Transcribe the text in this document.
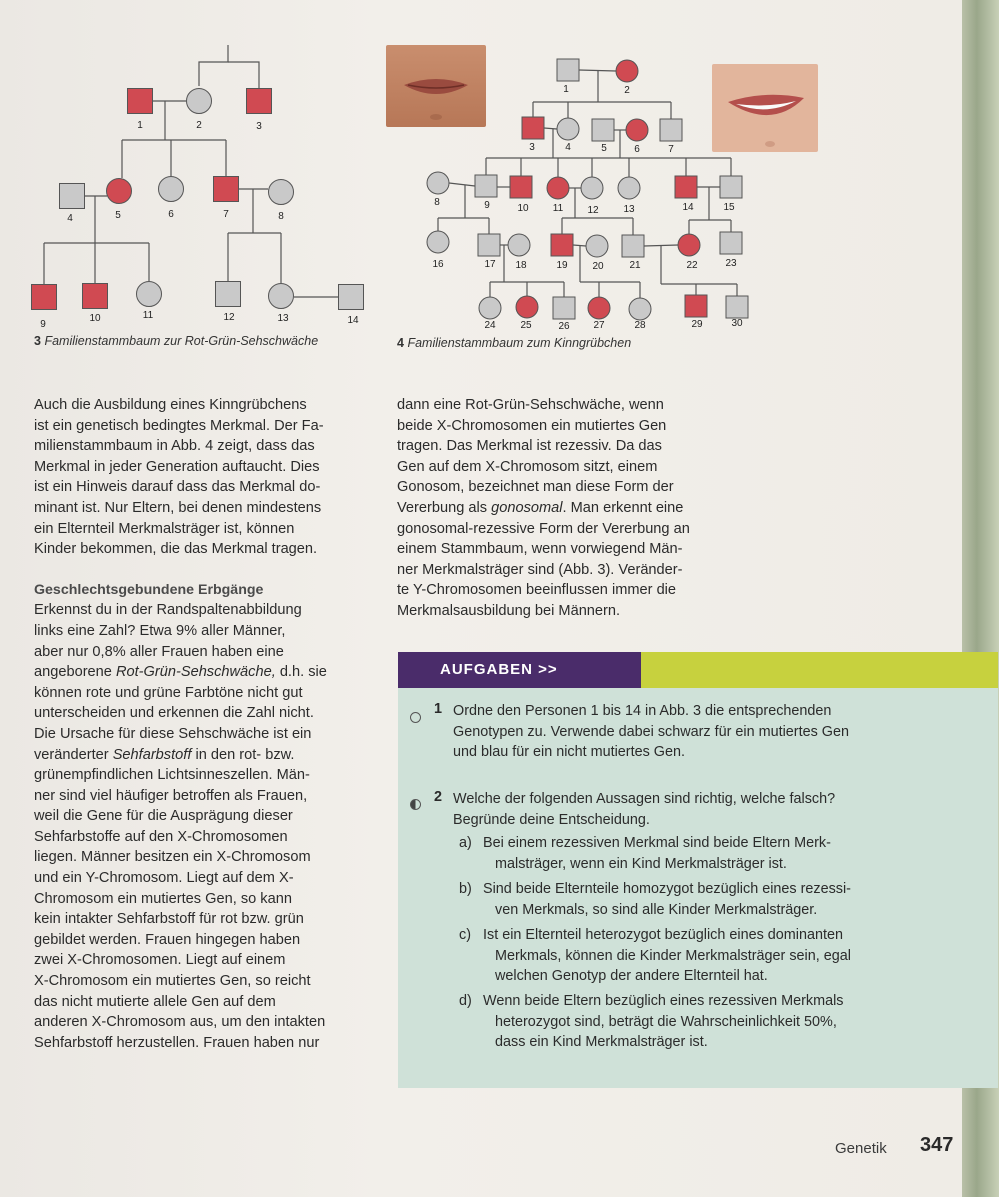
1	2	3
4	5	6	7	8
9
10	11	12	13	14
1	2
3	4	5	6	7
8	9	10 11 12 13	14	15
16	17 18	19 20	21	22	23
24 25	26 27	28	29	30
3 Familienstammbaum zur Rot-Grün-Sehschwäche	4 Familienstammbaum zum Kinngrübchen
Auch die Ausbildung eines Kinngrübchens
ist ein genetisch bedingtes Merkmal. Der Fa-
milienstammbaum in Abb. 4 zeigt, dass das
Merkmal in jeder Generation auftaucht. Dies
ist ein Hinweis darauf dass das Merkmal do-
minant ist. Nur Eltern, bei denen mindestens
ein Elternteil Merkmalsträger ist, können
Kinder bekommen, die das Merkmal tragen.

Geschlechtsgebundene Erbgänge

Erkennst du in der Randspaltenabbildung
links eine Zahl? Etwa 9% aller Männer,
aber nur 0,8% aller Frauen haben eine
angeborene Rot-Grün-Sehschwäche, d.h. sie
können rote und grüne Farbtöne nicht gut
unterscheiden und erkennen die Zahl nicht.
Die Ursache für diese Sehschwäche ist ein
veränderter Sehfarbstoff in den rot- bzw.
grünempfindlichen Lichtsinneszellen. Män-
ner sind viel häufiger betroffen als Frauen,
weil die Gene für die Ausprägung dieser
Sehfarbstoffe auf den X-Chromosomen
liegen. Männer besitzen ein X-Chromosom
und ein Y-Chromosom. Liegt auf dem X-
Chromosom ein mutiertes Gen, so kann
kein intakter Sehfarbstoff für rot bzw. grün
gebildet werden. Frauen hingegen haben
zwei X-Chromosomen. Liegt auf einem
X-Chromosom ein mutiertes Gen, so reicht
das nicht mutierte allele Gen auf dem
anderen X-Chromosom aus, um den intakten
Sehfarbstoff herzustellen. Frauen haben nur
dann eine Rot-Grün-Sehschwäche, wenn
beide X-Chromosomen ein mutiertes Gen
tragen. Das Merkmal ist rezessiv. Da das
Gen auf dem X-Chromosom sitzt, einem
Gonosom, bezeichnet man diese Form der
Vererbung als gonosomal. Man erkennt eine
gonosomal-rezessive Form der Vererbung an
einem Stammbaum, wenn vorwiegend Män-
ner Merkmalsträger sind (Abb. 3). Veränder-
te Y-Chromosomen beeinflussen immer die
Merkmalsausbildung bei Männern.
AUFGABEN >>
1 Ordne den Personen 1 bis 14 in Abb. 3 die entsprechenden
Genotypen zu. Verwende dabei schwarz für ein mutiertes Gen
und blau für ein nicht mutiertes Gen.
2 Welche der folgenden Aussagen sind richtig, welche falsch?
Begründe deine Entscheidung.
a) Bei einem rezessiven Merkmal sind beide Eltern Merk-
malsträger, wenn ein Kind Merkmalsträger ist.
b) Sind beide Elternteile homozygot bezüglich eines rezessi-
ven Merkmals, so sind alle Kinder Merkmalsträger.
c) Ist ein Elternteil heterozygot bezüglich eines dominanten
Merkmals, können die Kinder Merkmalsträger sein, egal
welchen Genotyp der andere Elternteil hat.
d) Wenn beide Eltern bezüglich eines rezessiven Merkmals
heterozygot sind, beträgt die Wahrscheinlichkeit 50%,
dass ein Kind Merkmalsträger ist.
Genetik 347
